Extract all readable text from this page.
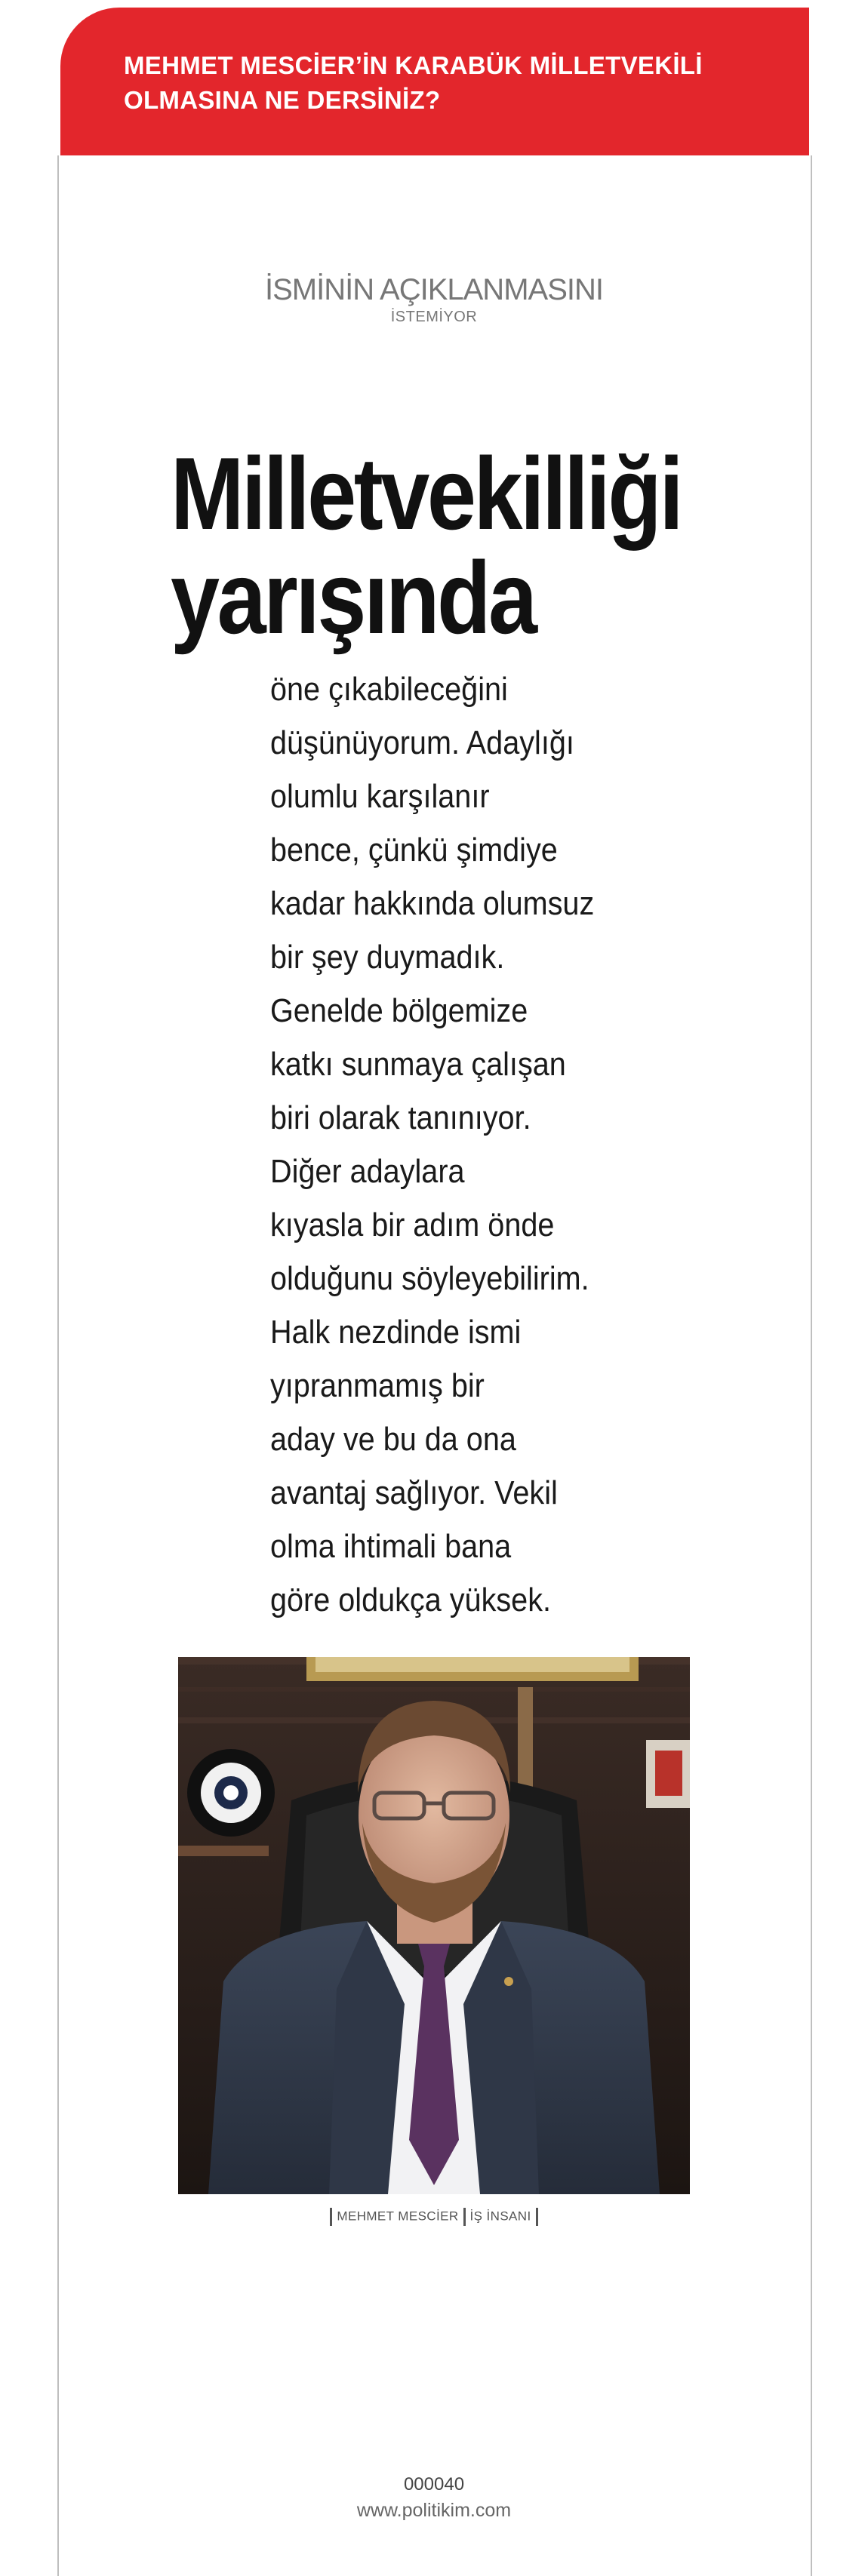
MEHMET MESCİER’İN KARABÜK MİLLETVEKİLİ
OLMASINA NE DERSİNİZ?
İSMİNİN AÇIKLANMASINI
İSTEMİYOR
Milletvekilliği
yarışında
öne çıkabileceğini
düşünüyorum. Adaylığı
olumlu karşılanır
bence, çünkü şimdiye
kadar hakkında olumsuz
bir şey duymadık.
Genelde bölgemize
katkı sunmaya çalışan
biri olarak tanınıyor.
Diğer adaylara
kıyasla bir adım önde
olduğunu söyleyebilirim.
Halk nezdinde ismi
yıpranmamış bir
aday ve bu da ona
avantaj sağlıyor. Vekil
olma ihtimali bana
göre oldukça yüksek.
MEHMET MESCİER İŞ İNSANI
000040
www.politikim.com
